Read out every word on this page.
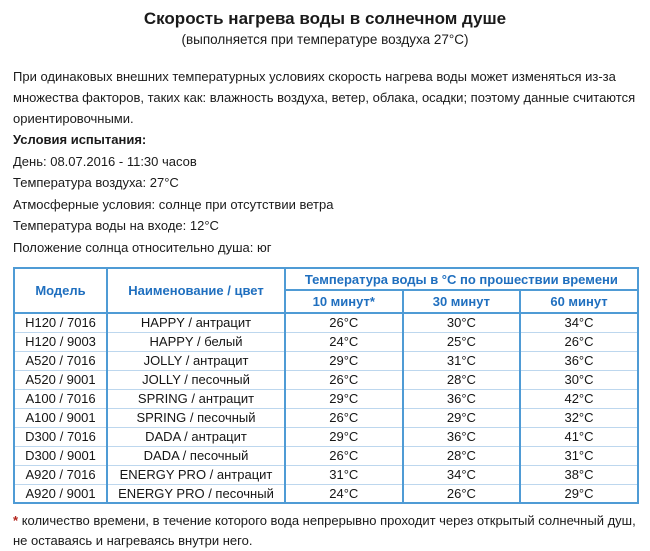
Скорость нагрева воды в солнечном душе
(выполняется при температуре воздуха 27°С)
При одинаковых внешних температурных условиях скорость нагрева воды может изменяться из-за множества факторов, таких как: влажность воздуха, ветер, облака, осадки; поэтому данные считаются ориентировочными.
Условия испытания:
День: 08.07.2016 - 11:30 часов
Температура воздуха: 27°С
Атмосферные условия: солнце при отсутствии ветра
Температура воды на входе: 12°С
Положение солнца относительно душа: юг
Модель	Наименование / цвет	Температура воды в °С по прошествии времени		
		10 минут*	30 минут	60 минут
H120 / 7016	HAPPY / антрацит	26°С	30°С	34°С
H120 / 9003	HAPPY / белый	24°С	25°С	26°С
A520 / 7016	JOLLY / антрацит	29°С	31°С	36°С
A520 / 9001	JOLLY / песочный	26°С	28°С	30°С
A100 / 7016	SPRING / антрацит	29°С	36°С	42°С
A100 / 9001	SPRING / песочный	26°С	29°С	32°С
D300 / 7016	DADA / антрацит	29°С	36°С	41°С
D300 / 9001	DADA / песочный	26°С	28°С	31°С
A920 / 7016	ENERGY PRO / антрацит	31°С	34°С	38°С
A920 / 9001	ENERGY PRO / песочный	24°С	26°С	29°С
* количество времени, в течение которого вода непрерывно проходит через открытый солнечный душ,
не оставаясь и нагреваясь внутри него.
